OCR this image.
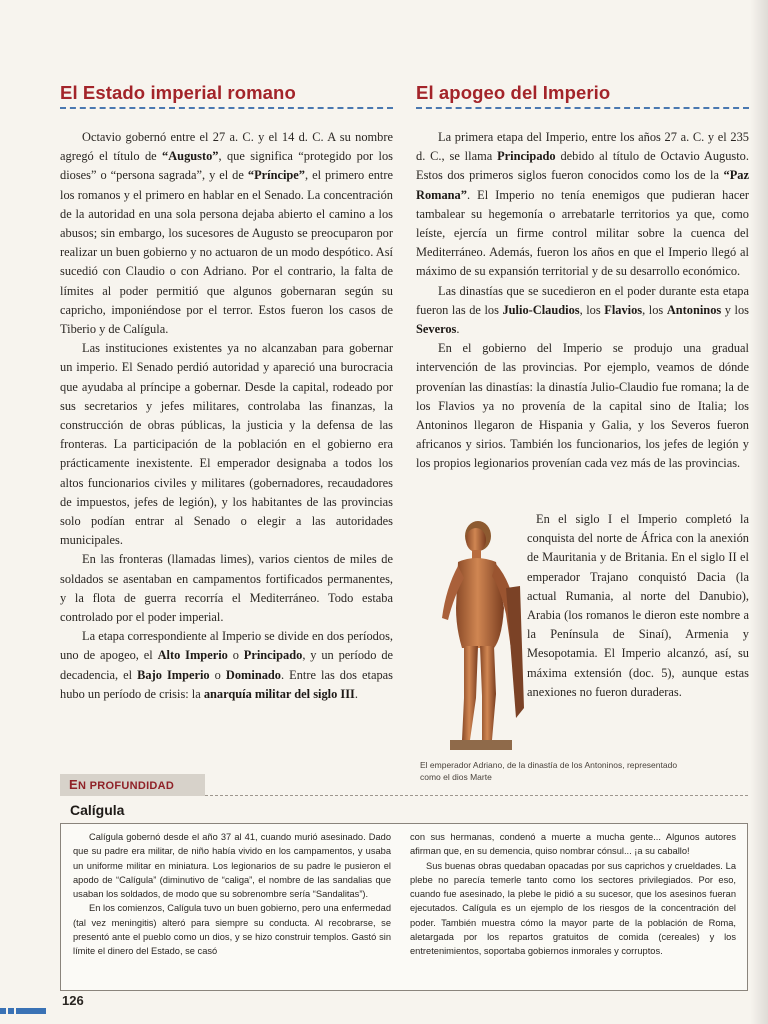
El Estado imperial romano

Octavio gobernó entre el 27 a. C. y el 14 d. C. A su nombre agregó el título de “Augusto”, que significa “protegido por los dioses” o “persona sagrada”, y el de “Príncipe”, el primero entre los romanos y el primero en hablar en el Senado. La concentración de la autoridad en una sola persona dejaba abierto el camino a los abusos; sin embargo, los sucesores de Augusto se preocuparon por realizar un buen gobierno y no actuaron de un modo despótico. Así sucedió con Claudio o con Adriano. Por el contrario, la falta de límites al poder permitió que algunos gobernaran según su capricho, imponiéndose por el terror. Estos fueron los casos de Tiberio y de Calígula.

Las instituciones existentes ya no alcanzaban para gobernar un imperio. El Senado perdió autoridad y apareció una burocracia que ayudaba al príncipe a gobernar. Desde la capital, rodeado por sus secretarios y jefes militares, controlaba las finanzas, la construcción de obras públicas, la justicia y la defensa de las fronteras. La participación de la población en el gobierno era prácticamente inexistente. El emperador designaba a todos los altos funcionarios civiles y militares (gobernadores, recaudadores de impuestos, jefes de legión), y los habitantes de las provincias solo podían entrar al Senado o elegir a las autoridades municipales.

En las fronteras (llamadas limes), varios cientos de miles de soldados se asentaban en campamentos fortificados permanentes, y la flota de guerra recorría el Mediterráneo. Todo estaba controlado por el poder imperial.

La etapa correspondiente al Imperio se divide en dos períodos, uno de apogeo, el Alto Imperio o Principado, y un período de decadencia, el Bajo Imperio o Dominado. Entre las dos etapas hubo un período de crisis: la anarquía militar del siglo III.

El apogeo del Imperio

La primera etapa del Imperio, entre los años 27 a. C. y el 235 d. C., se llama Principado debido al título de Octavio Augusto. Estos dos primeros siglos fueron conocidos como los de la “Paz Romana”. El Imperio no tenía enemigos que pudieran hacer tambalear su hegemonía o arrebatarle territorios ya que, como leíste, ejercía un firme control militar sobre la cuenca del Mediterráneo. Además, fueron los años en que el Imperio llegó al máximo de su expansión territorial y de su desarrollo económico.

Las dinastías que se sucedieron en el poder durante esta etapa fueron las de los Julio-Claudios, los Flavios, los Antoninos y los Severos.

En el gobierno del Imperio se produjo una gradual intervención de las provincias. Por ejemplo, veamos de dónde provenían las dinastías: la dinastía Julio-Claudio fue romana; la de los Flavios ya no provenía de la capital sino de Italia; los Antoninos llegaron de Hispania y Galia, y los Severos fueron africanos y sirios. También los funcionarios, los jefes de legión y los propios legionarios provenían cada vez más de las provincias.

En el siglo I el Imperio completó la conquista del norte de África con la anexión de Mauritania y de Britania. En el siglo II el emperador Trajano conquistó Dacia (la actual Rumania, al norte del Danubio), Arabia (los romanos le dieron este nombre a la Península de Sinaí), Armenia y Mesopotamia. El Imperio alcanzó, así, su máxima extensión (doc. 5), aunque estas anexiones no fueron duraderas.

El emperador Adriano, de la dinastía de los Antoninos, representado como el dios Marte
EN PROFUNDIDAD
Calígula

Calígula gobernó desde el año 37 al 41, cuando murió asesinado. Dado que su padre era militar, de niño había vivido en los campamentos, y usaba un uniforme militar en miniatura. Los legionarios de su padre le pusieron el apodo de “Calígula” (diminutivo de “caliga”, el nombre de las sandalias que usaban los soldados, de modo que su sobrenombre sería “Sandalitas”).

En los comienzos, Calígula tuvo un buen gobierno, pero una enfermedad (tal vez meningitis) alteró para siempre su conducta. Al recobrarse, se presentó ante el pueblo como un dios, y se hizo construir templos. Gastó sin límite el dinero del Estado, se casó

con sus hermanas, condenó a muerte a mucha gente... Algunos autores afirman que, en su demencia, quiso nombrar cónsul... ¡a su caballo!

Sus buenas obras quedaban opacadas por sus caprichos y crueldades. La plebe no parecía temerle tanto como los sectores privilegiados. Por eso, cuando fue asesinado, la plebe le pidió a su sucesor, que los asesinos fueran ejecutados. Calígula es un ejemplo de los riesgos de la concentración del poder. También muestra cómo la mayor parte de la población de Roma, aletargada por los repartos gratuitos de comida (cereales) y los entretenimientos, soportaba gobiernos inmorales y corruptos.

126
